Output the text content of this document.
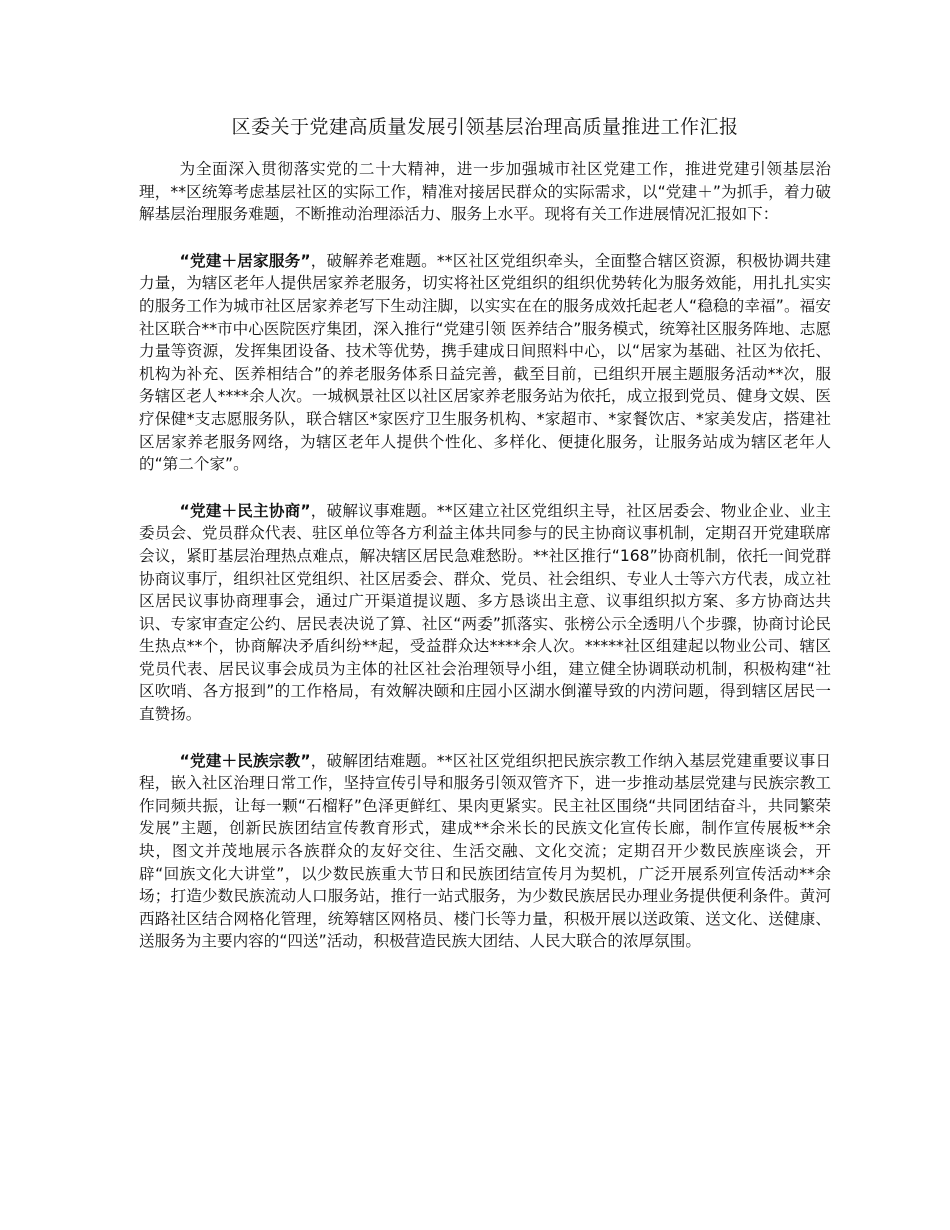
区委关于党建高质量发展引领基层治理高质量推进工作汇报

为全面深入贯彻落实党的二十大精神，进一步加强城市社区党建工作，推进党建引领基层治理，**区统筹考虑基层社区的实际工作，精准对接居民群众的实际需求，以“党建＋”为抓手，着力破解基层治理服务难题，不断推动治理添活力、服务上水平。现将有关工作进展情况汇报如下：

“党建＋居家服务”，破解养老难题。**区社区党组织牵头，全面整合辖区资源，积极协调共建力量，为辖区老年人提供居家养老服务，切实将社区党组织的组织优势转化为服务效能，用扎扎实实的服务工作为城市社区居家养老写下生动注脚，以实实在在的服务成效托起老人“稳稳的幸福”。福安社区联合**市中心医院医疗集团，深入推行“党建引领 医养结合”服务模式，统筹社区服务阵地、志愿力量等资源，发挥集团设备、技术等优势，携手建成日间照料中心，以“居家为基础、社区为依托、机构为补充、医养相结合”的养老服务体系日益完善，截至目前，已组织开展主题服务活动**次，服务辖区老人****余人次。一城枫景社区以社区居家养老服务站为依托，成立报到党员、健身文娱、医疗保健*支志愿服务队，联合辖区*家医疗卫生服务机构、*家超市、*家餐饮店、*家美发店，搭建社区居家养老服务网络，为辖区老年人提供个性化、多样化、便捷化服务，让服务站成为辖区老年人的“第二个家”。

“党建＋民主协商”，破解议事难题。**区建立社区党组织主导，社区居委会、物业企业、业主委员会、党员群众代表、驻区单位等各方利益主体共同参与的民主协商议事机制，定期召开党建联席会议，紧盯基层治理热点难点，解决辖区居民急难愁盼。**社区推行“168”协商机制，依托一间党群协商议事厅，组织社区党组织、社区居委会、群众、党员、社会组织、专业人士等六方代表，成立社区居民议事协商理事会，通过广开渠道提议题、多方恳谈出主意、议事组织拟方案、多方协商达共识、专家审查定公约、居民表决说了算、社区“两委”抓落实、张榜公示全透明八个步骤，协商讨论民生热点**个，协商解决矛盾纠纷**起，受益群众达****余人次。*****社区组建起以物业公司、辖区党员代表、居民议事会成员为主体的社区社会治理领导小组，建立健全协调联动机制，积极构建“社区吹哨、各方报到”的工作格局，有效解决颐和庄园小区湖水倒灌导致的内涝问题，得到辖区居民一直赞扬。

“党建＋民族宗教”，破解团结难题。**区社区党组织把民族宗教工作纳入基层党建重要议事日程，嵌入社区治理日常工作，坚持宣传引导和服务引领双管齐下，进一步推动基层党建与民族宗教工作同频共振，让每一颗“石榴籽”色泽更鲜红、果肉更紧实。民主社区围绕“共同团结奋斗，共同繁荣发展”主题，创新民族团结宣传教育形式，建成**余米长的民族文化宣传长廊，制作宣传展板**余块，图文并茂地展示各族群众的友好交往、生活交融、文化交流；定期召开少数民族座谈会，开辟“回族文化大讲堂”，以少数民族重大节日和民族团结宣传月为契机，广泛开展系列宣传活动**余场；打造少数民族流动人口服务站，推行一站式服务，为少数民族居民办理业务提供便利条件。黄河西路社区结合网格化管理，统筹辖区网格员、楼门长等力量，积极开展以送政策、送文化、送健康、送服务为主要内容的“四送”活动，积极营造民族大团结、人民大联合的浓厚氛围。
